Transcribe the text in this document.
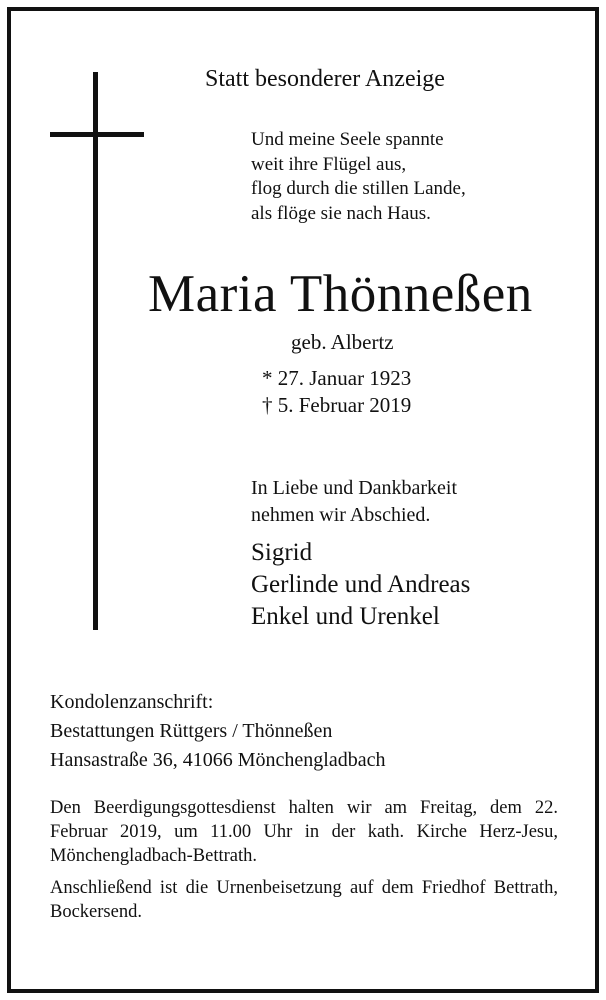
Statt besonderer Anzeige
Und meine Seele spannte
weit ihre Flügel aus,
flog durch die stillen Lande,
als flöge sie nach Haus.
Maria Thönneßen
geb. Albertz
* 27. Januar 1923
† 5. Februar 2019
In Liebe und Dankbarkeit
nehmen wir Abschied.
Sigrid
Gerlinde und Andreas
Enkel und Urenkel
Kondolenzanschrift:
Bestattungen Rüttgers / Thönneßen
Hansastraße 36, 41066 Mönchengladbach

Den Beerdigungsgottesdienst halten wir am Freitag, dem 22. Februar 2019, um 11.00 Uhr in der kath. Kirche Herz-Jesu, Mönchengladbach-Bettrath.

Anschließend ist die Urnenbeisetzung auf dem Friedhof Bettrath, Bockersend.
